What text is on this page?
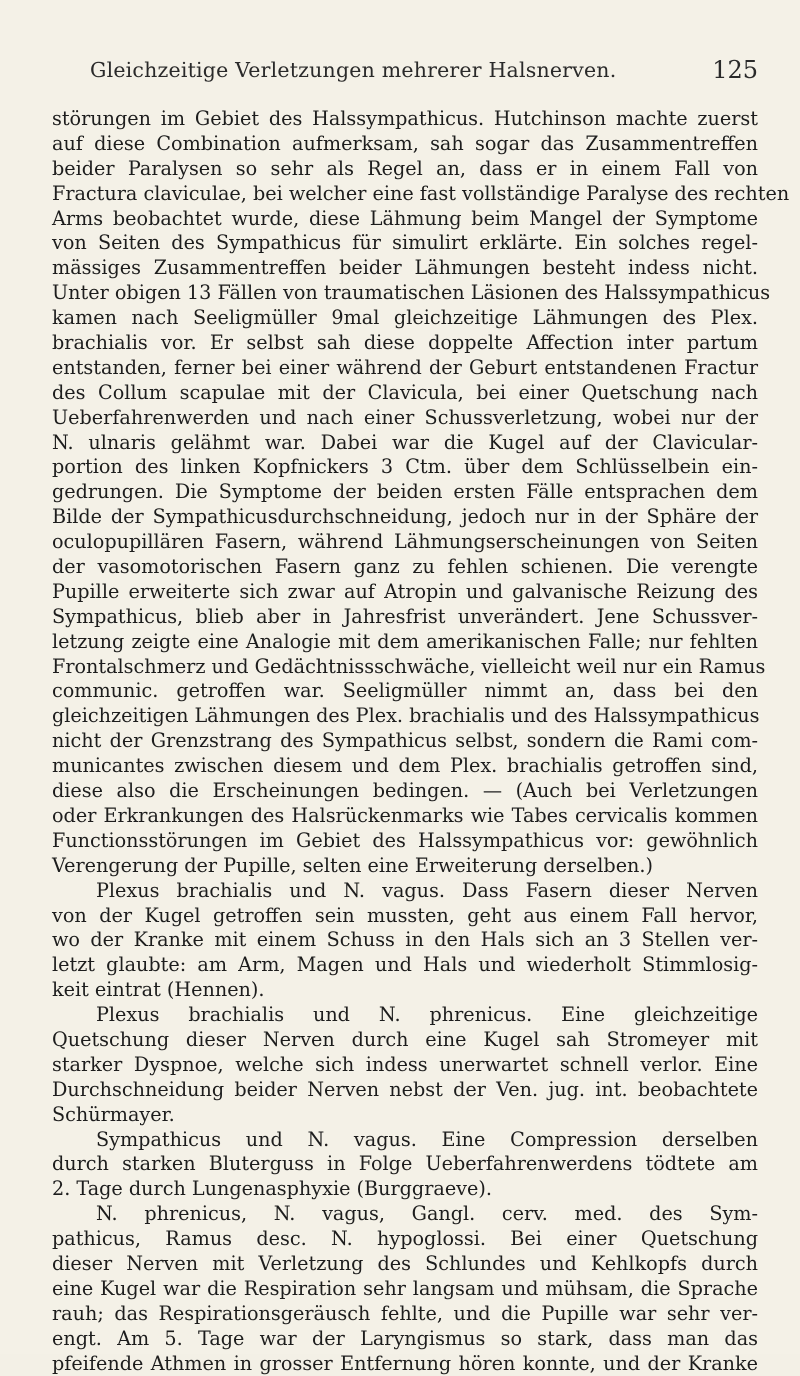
Gleichzeitige Verletzungen mehrerer Halsnerven.	125
störungen im Gebiet des Halssympathicus. Hutchinson machte zuerst
auf diese Combination aufmerksam, sah sogar das Zusammentreffen
beider Paralysen so sehr als Regel an, dass er in einem Fall von
Fractura claviculae, bei welcher eine fast vollständige Paralyse des rechten
Arms beobachtet wurde, diese Lähmung beim Mangel der Symptome
von Seiten des Sympathicus für simulirt erklärte. Ein solches regel-
mässiges Zusammentreffen beider Lähmungen besteht indess nicht.
Unter obigen 13 Fällen von traumatischen Läsionen des Halssympathicus
kamen nach Seeligmüller 9mal gleichzeitige Lähmungen des Plex.
brachialis vor. Er selbst sah diese doppelte Affection inter partum
entstanden, ferner bei einer während der Geburt entstandenen Fractur
des Collum scapulae mit der Clavicula, bei einer Quetschung nach
Ueberfahrenwerden und nach einer Schussverletzung, wobei nur der
N. ulnaris gelähmt war. Dabei war die Kugel auf der Clavicular-
portion des linken Kopfnickers 3 Ctm. über dem Schlüsselbein ein-
gedrungen. Die Symptome der beiden ersten Fälle entsprachen dem
Bilde der Sympathicusdurchschneidung, jedoch nur in der Sphäre der
oculopupillären Fasern, während Lähmungserscheinungen von Seiten
der vasomotorischen Fasern ganz zu fehlen schienen. Die verengte
Pupille erweiterte sich zwar auf Atropin und galvanische Reizung des
Sympathicus, blieb aber in Jahresfrist unverändert. Jene Schussver-
letzung zeigte eine Analogie mit dem amerikanischen Falle; nur fehlten
Frontalschmerz und Gedächtnissschwäche, vielleicht weil nur ein Ramus
communic. getroffen war. Seeligmüller nimmt an, dass bei den
gleichzeitigen Lähmungen des Plex. brachialis und des Halssympathicus
nicht der Grenzstrang des Sympathicus selbst, sondern die Rami com-
municantes zwischen diesem und dem Plex. brachialis getroffen sind,
diese also die Erscheinungen bedingen. — (Auch bei Verletzungen
oder Erkrankungen des Halsrückenmarks wie Tabes cervicalis kommen
Functionsstörungen im Gebiet des Halssympathicus vor: gewöhnlich
Verengerung der Pupille, selten eine Erweiterung derselben.)
Plexus brachialis und N. vagus. Dass Fasern dieser Nerven
von der Kugel getroffen sein mussten, geht aus einem Fall hervor,
wo der Kranke mit einem Schuss in den Hals sich an 3 Stellen ver-
letzt glaubte: am Arm, Magen und Hals und wiederholt Stimmlosig-
keit eintrat (Hennen).
Plexus brachialis und N. phrenicus. Eine gleichzeitige
Quetschung dieser Nerven durch eine Kugel sah Stromeyer mit
starker Dyspnoe, welche sich indess unerwartet schnell verlor. Eine
Durchschneidung beider Nerven nebst der Ven. jug. int. beobachtete
Schürmayer.
Sympathicus und N. vagus. Eine Compression derselben
durch starken Bluterguss in Folge Ueberfahrenwerdens tödtete am
2. Tage durch Lungenasphyxie (Burggraeve).
N. phrenicus, N. vagus, Gangl. cerv. med. des Sym-
pathicus, Ramus desc. N. hypoglossi. Bei einer Quetschung
dieser Nerven mit Verletzung des Schlundes und Kehlkopfs durch
eine Kugel war die Respiration sehr langsam und mühsam, die Sprache
rauh; das Respirationsgeräusch fehlte, und die Pupille war sehr ver-
engt. Am 5. Tage war der Laryngismus so stark, dass man das
pfeifende Athmen in grosser Entfernung hören konnte, und der Kranke
